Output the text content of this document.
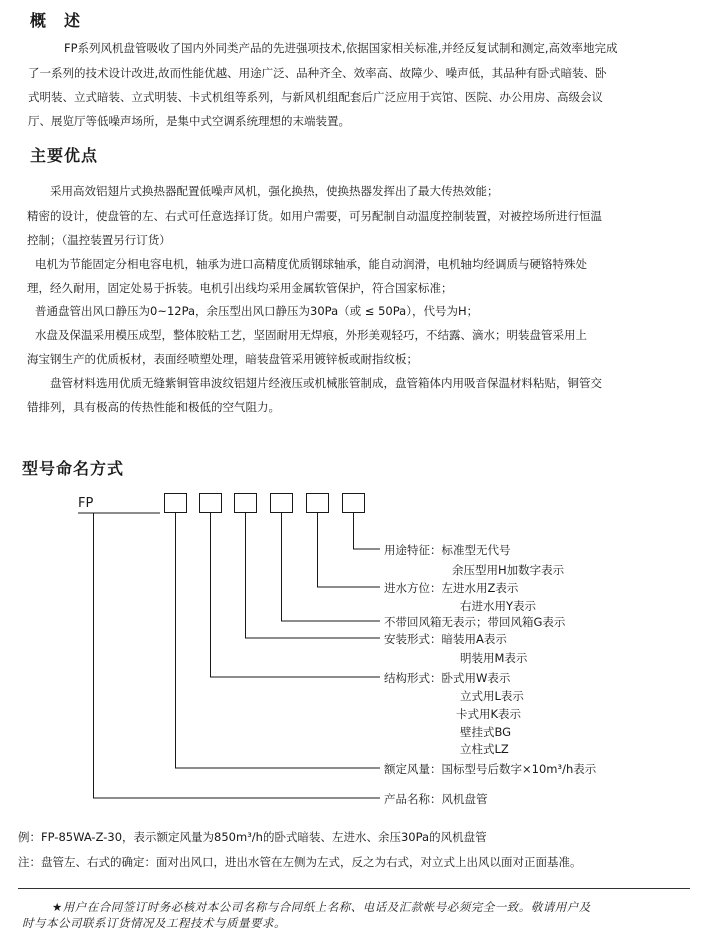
概　述
FP系列风机盘管吸收了国内外同类产品的先进强项技术,依据国家相关标准,并经反复试制和测定,高效率地完成
了一系列的技术设计改进,故而性能优越、用途广泛、品种齐全、效率高、故障少、噪声低，其品种有卧式暗装、卧
式明装、立式暗装、立式明装、卡式机组等系列，与新风机组配套后广泛应用于宾馆、医院、办公用房、高级会议
厅、展览厅等低噪声场所，是集中式空调系统理想的末端装置。
主要优点
采用高效铝翅片式换热器配置低噪声风机，强化换热，使换热器发挥出了最大传热效能；
精密的设计，使盘管的左、右式可任意选择订货。如用户需要，可另配制自动温度控制装置，对被控场所进行恒温
控制；（温控装置另行订货）
电机为节能固定分相电容电机，轴承为进口高精度优质钢球轴承，能自动润滑，电机轴均经调质与硬铬特殊处
理，经久耐用，固定处易于拆装。电机引出线均采用金属软管保护，符合国家标准；
普通盘管出风口静压为0~12Pa，余压型出风口静压为30Pa（或 ≤ 50Pa），代号为H；
水盘及保温采用模压成型，整体胶粘工艺，坚固耐用无焊痕，外形美观轻巧，不结露、滴水；明装盘管采用上
海宝钢生产的优质板材，表面经喷塑处理，暗装盘管采用镀锌板或耐指纹板；
盘管材料选用优质无缝紫铜管串波纹铝翅片经液压或机械胀管制成，盘管箱体内用吸音保温材料粘贴，铜管交
错排列，具有极高的传热性能和极低的空气阻力。
型号命名方式
FP
用途特征：标准型无代号
余压型用H加数字表示
进水方位：左进水用Z表示
右进水用Y表示
不带回风箱无表示；带回风箱G表示
安装形式：暗装用A表示
明装用M表示
结构形式：卧式用W表示
立式用L表示
卡式用K表示
壁挂式BG
立柱式LZ
额定风量：国标型号后数字×10m³/h表示
产品名称：风机盘管
例：FP-85WA-Z-30，表示额定风量为850m³/h的卧式暗装、左进水、余压30Pa的风机盘管
注：盘管左、右式的确定：面对出风口，进出水管在左侧为左式，反之为右式，对立式上出风以面对正面基准。
★用户在合同签订时务必核对本公司名称与合同纸上名称、电话及汇款帐号必须完全一致。敬请用户及
时与本公司联系订货情况及工程技术与质量要求。
